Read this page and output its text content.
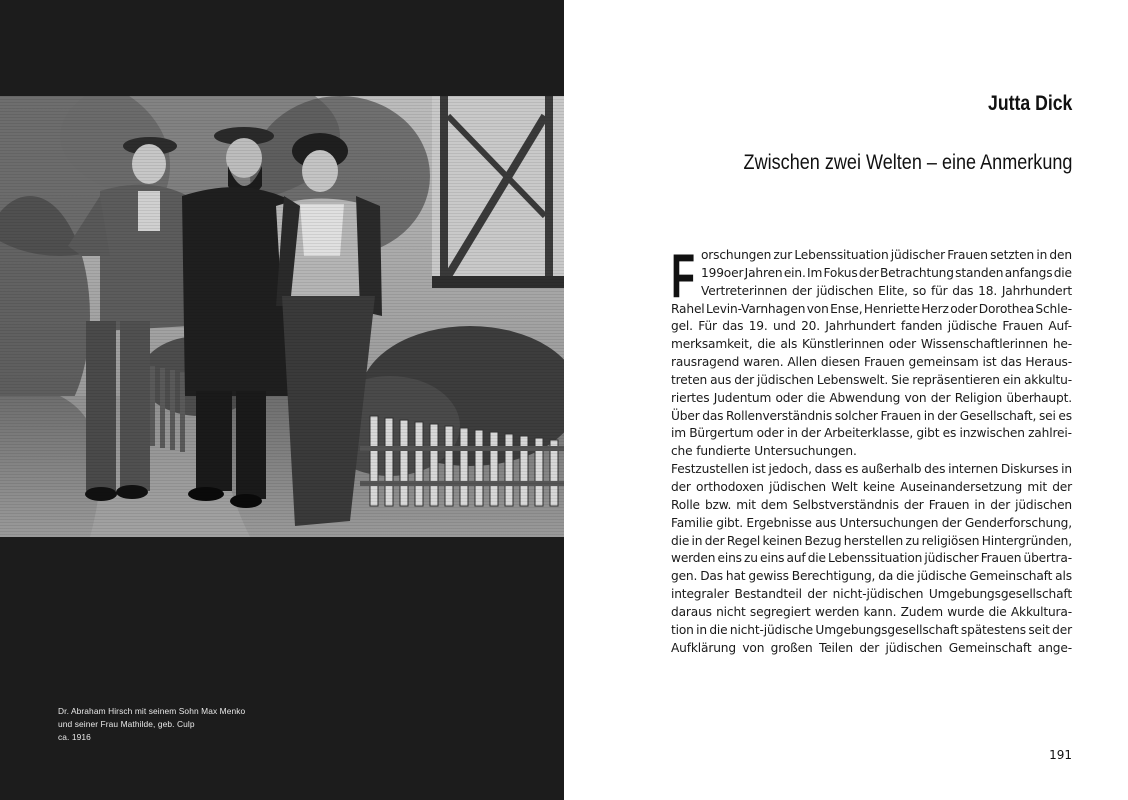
Dr. Abraham Hirsch mit seinem Sohn Max Menko
und seiner Frau Mathilde, geb. Culp
ca. 1916
Jutta Dick
Zwischen zwei Welten – eine Anmerkung
F orschungen zur Lebenssituation jüdischer Frauen setzten in den
199oer Jahren ein. Im Fokus der Betrachtung standen anfangs die
Vertreterinnen der jüdischen Elite, so für das 18. Jahrhundert
Rahel Levin-Varnhagen von Ense, Henriette Herz oder Dorothea Schle-
gel. Für das 19. und 20. Jahrhundert fanden jüdische Frauen Auf-
merksamkeit, die als Künstlerinnen oder Wissenschaftlerinnen he-
rausragend waren. Allen diesen Frauen gemeinsam ist das Heraus-
treten aus der jüdischen Lebenswelt. Sie repräsentieren ein akkultu-
riertes Judentum oder die Abwendung von der Religion überhaupt.
Über das Rollenverständnis solcher Frauen in der Gesellschaft, sei es
im Bürgertum oder in der Arbeiterklasse, gibt es inzwischen zahlrei-
che fundierte Untersuchungen.
Festzustellen ist jedoch, dass es außerhalb des internen Diskurses in
der orthodoxen jüdischen Welt keine Auseinandersetzung mit der
Rolle bzw. mit dem Selbstverständnis der Frauen in der jüdischen
Familie gibt. Ergebnisse aus Untersuchungen der Genderforschung,
die in der Regel keinen Bezug herstellen zu religiösen Hintergründen,
werden eins zu eins auf die Lebenssituation jüdischer Frauen übertra-
gen. Das hat gewiss Berechtigung, da die jüdische Gemeinschaft als
integraler Bestandteil der nicht-jüdischen Umgebungsgesellschaft
daraus nicht segregiert werden kann. Zudem wurde die Akkultura-
tion in die nicht-jüdische Umgebungsgesellschaft spätestens seit der
Aufklärung von großen Teilen der jüdischen Gemeinschaft ange-
191
